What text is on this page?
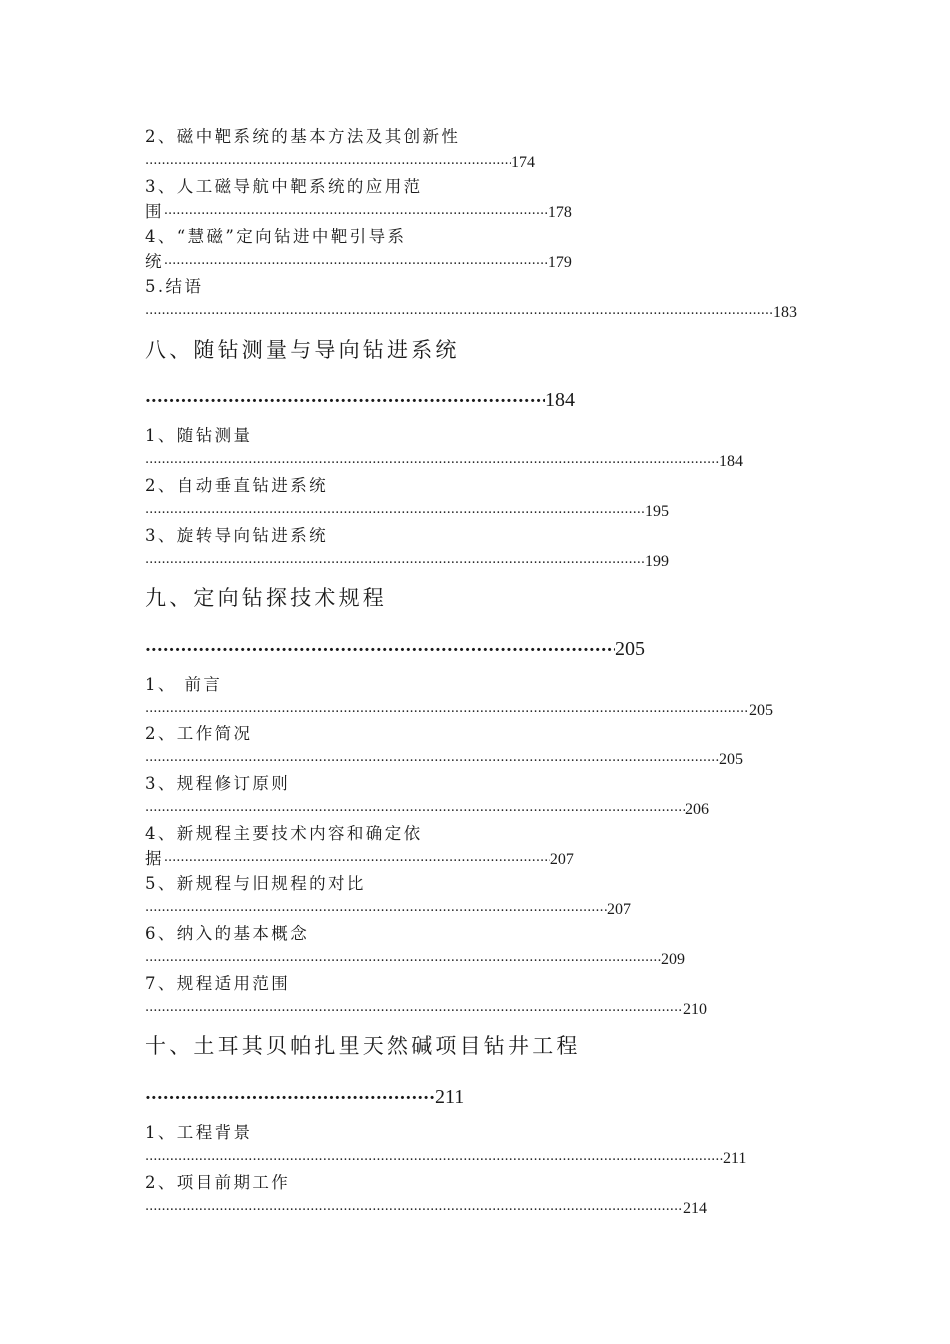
2、磁中靶系统的基本方法及其创新性
.....174
3、人工磁导航中靶系统的应用范
围 .....	178
4、“慧磁”定向钻进中靶引导系
统 .....	179
5.结语
.....183
八、随钻测量与导向钻进系统
.....184
1、随钻测量
.....184
2、自动垂直钻进系统
.....195
3、旋转导向钻进系统
.....199
九、定向钻探技术规程
.....205
1、 前言
.....205
2、工作简况
.....205
3、规程修订原则
.....206
4、新规程主要技术内容和确定依
据 .....	207
5、新规程与旧规程的对比
.....207
6、纳入的基本概念
.....209
7、规程适用范围
.....210
十、土耳其贝帕扎里天然碱项目钻井工程
.....211
1、工程背景
.....211
2、项目前期工作
.....214
